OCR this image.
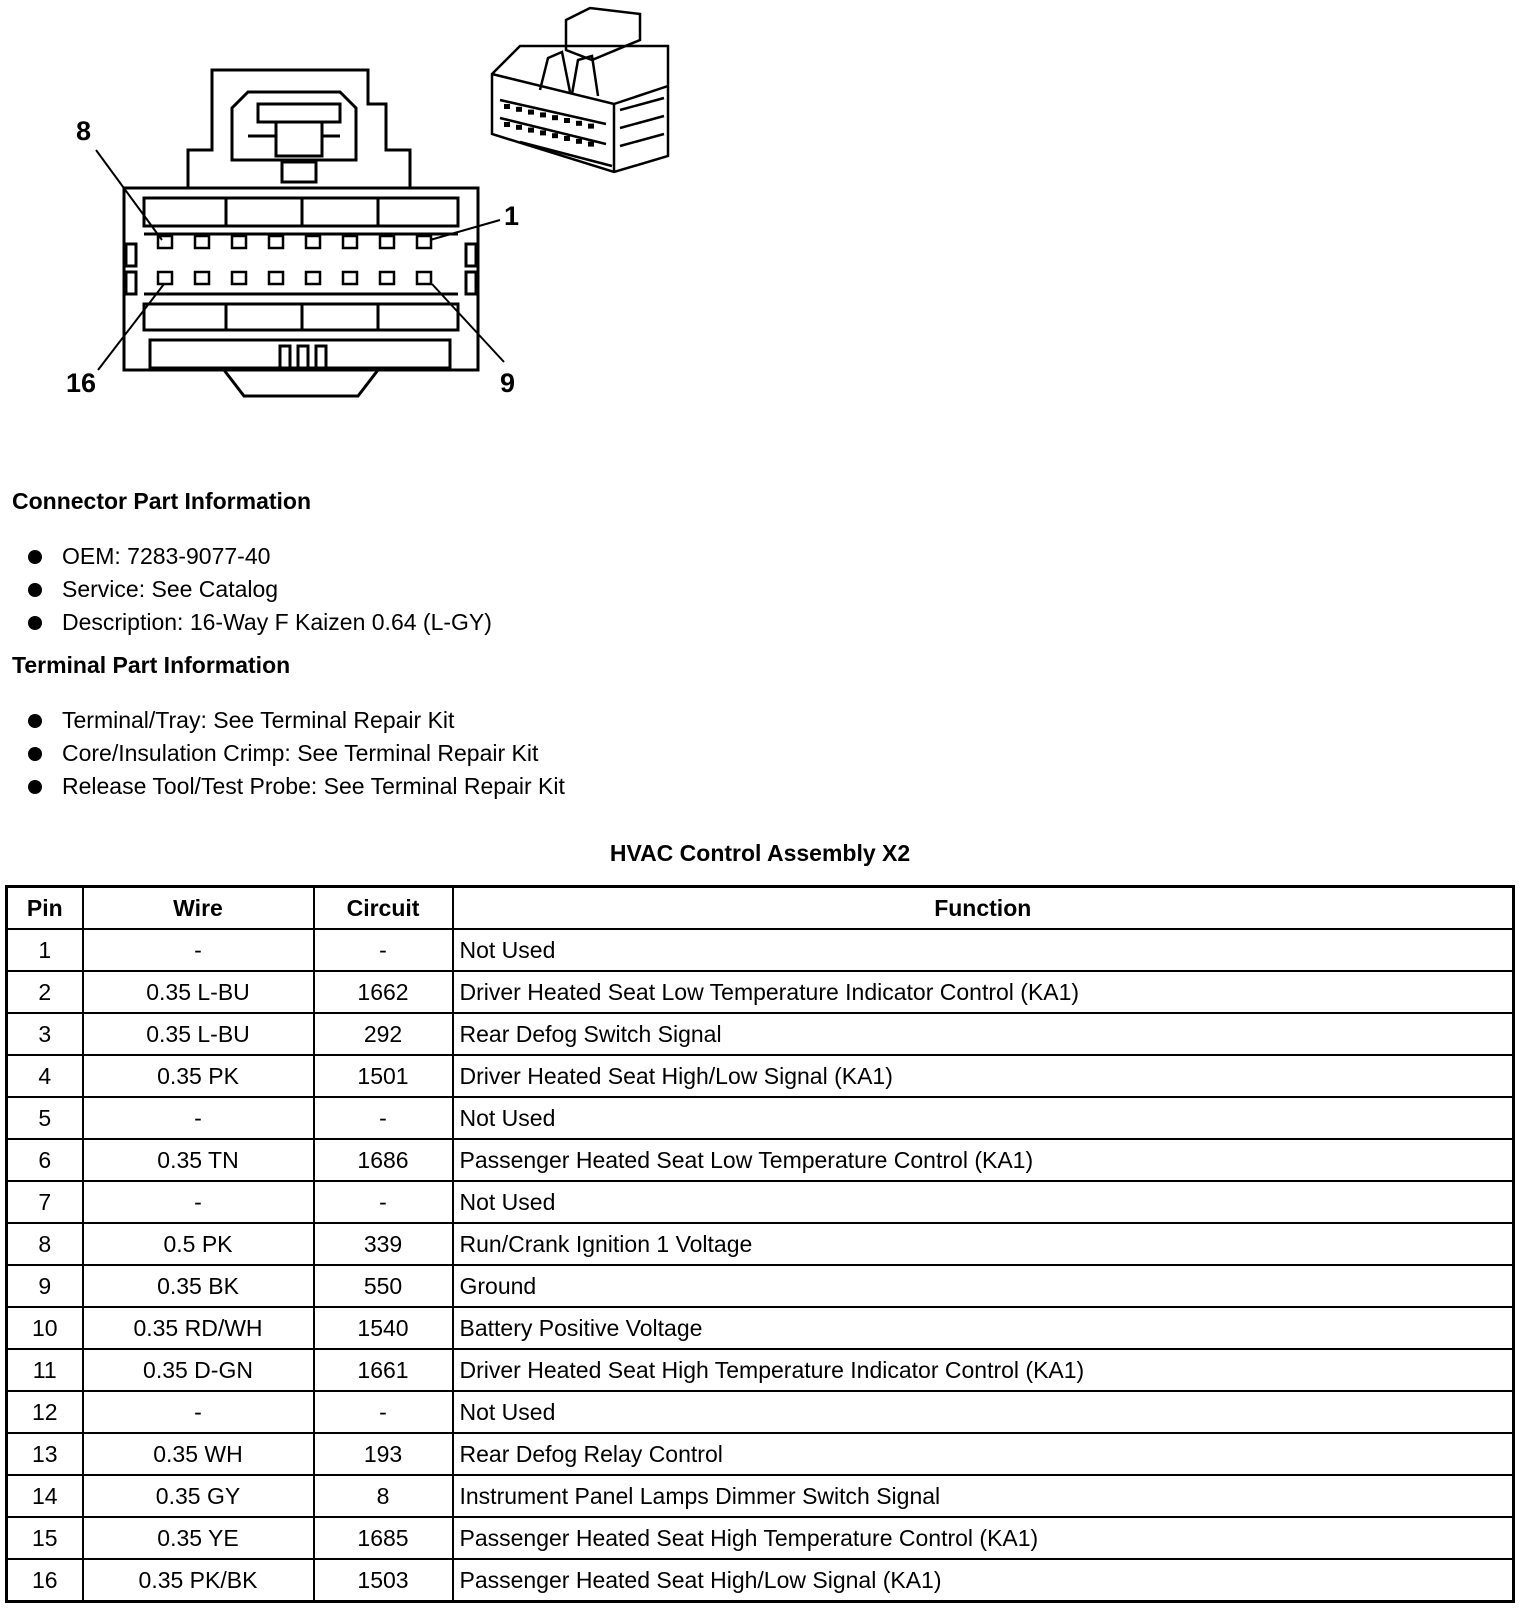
8
1
16	9
Connector Part Information
OEM: 7283-9077-40
Service: See Catalog
Description: 16-Way F Kaizen 0.64 (L-GY)
Terminal Part Information
Terminal/Tray: See Terminal Repair Kit
Core/Insulation Crimp: See Terminal Repair Kit
Release Tool/Test Probe: See Terminal Repair Kit
HVAC Control Assembly X2
Pin	Wire	Circuit	Function
1	-	-	Not Used
2	0.35 L-BU	1662	Driver Heated Seat Low Temperature Indicator Control (KA1)
3	0.35 L-BU	292	Rear Defog Switch Signal
4	0.35 PK	1501	Driver Heated Seat High/Low Signal (KA1)
5	-	-	Not Used
6	0.35 TN	1686	Passenger Heated Seat Low Temperature Control (KA1)
7	-	-	Not Used
8	0.5 PK	339	Run/Crank Ignition 1 Voltage
9	0.35 BK	550	Ground
10	0.35 RD/WH	1540	Battery Positive Voltage
11	0.35 D-GN	1661	Driver Heated Seat High Temperature Indicator Control (KA1)
12	-	-	Not Used
13	0.35 WH	193	Rear Defog Relay Control
14	0.35 GY	8	Instrument Panel Lamps Dimmer Switch Signal
15	0.35 YE	1685	Passenger Heated Seat High Temperature Control (KA1)
16	0.35 PK/BK	1503	Passenger Heated Seat High/Low Signal (KA1)
